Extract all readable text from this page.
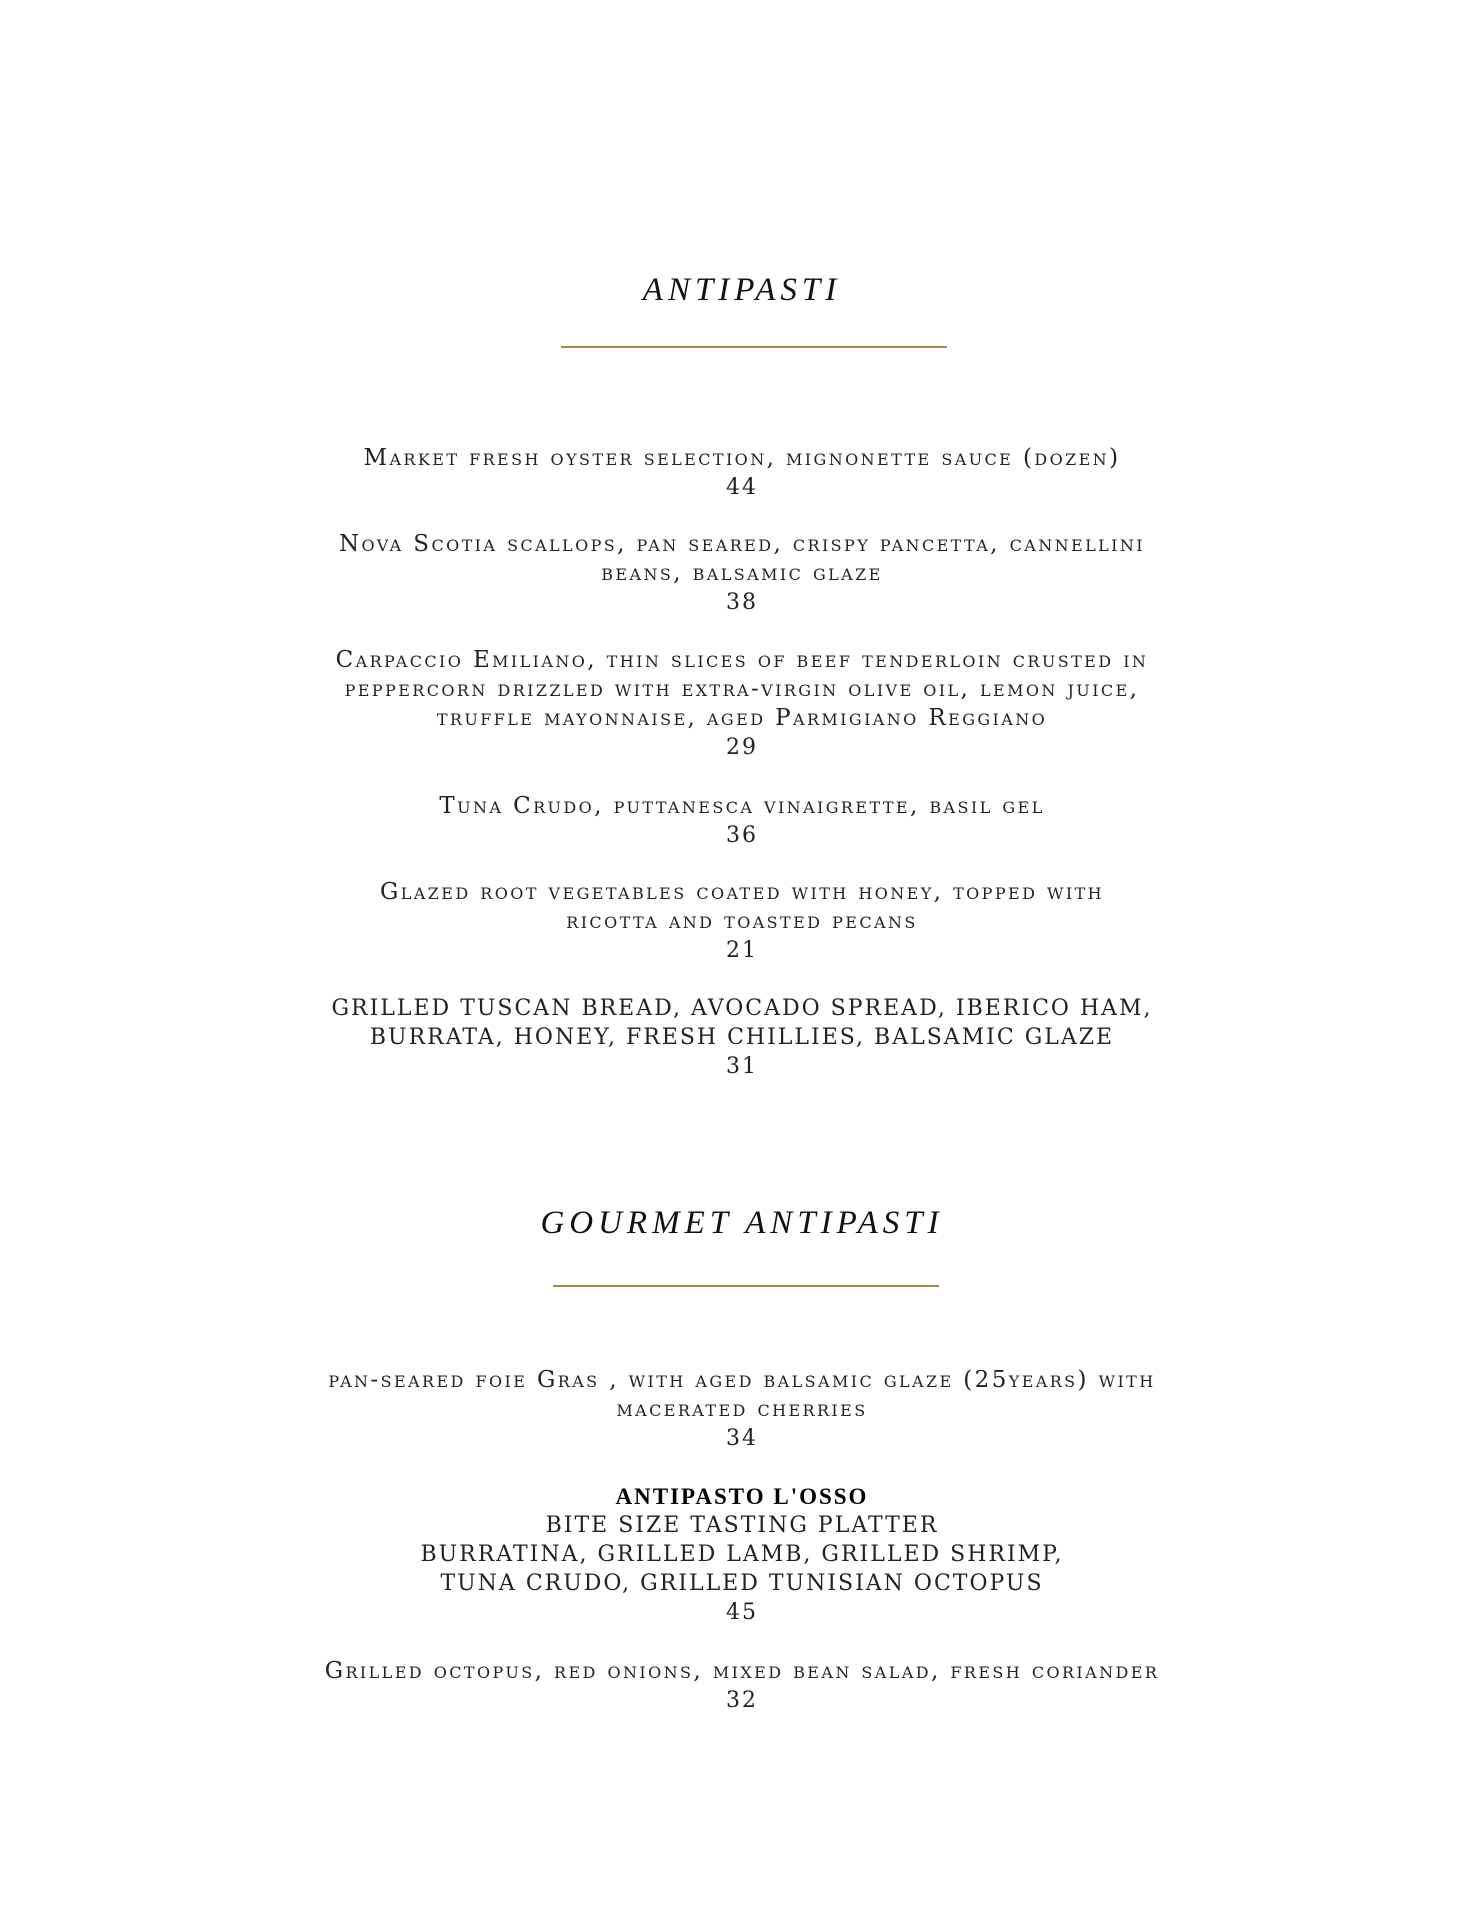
ANTIPASTI
Market fresh oyster selection, mignonette sauce (dozen)
44
Nova Scotia scallops, pan seared, crispy pancetta, cannellini
beans, balsamic glaze
38
Carpaccio Emiliano, thin slices of beef tenderloin crusted in
peppercorn drizzled with extra-virgin olive oil, lemon juice,
truffle mayonnaise, aged Parmigiano Reggiano
29
Tuna Crudo, puttanesca vinaigrette, basil gel
36
Glazed root vegetables coated with honey, topped with
ricotta and toasted pecans
21
GRILLED TUSCAN BREAD, AVOCADO SPREAD, IBERICO HAM,
BURRATA, HONEY, FRESH CHILLIES, BALSAMIC GLAZE
31
GOURMET ANTIPASTI
pan-seared foie Gras , with aged balsamic glaze (25years) with
macerated cherries
34
ANTIPASTO L'OSSO
BITE SIZE TASTING PLATTER
BURRATINA, GRILLED LAMB, GRILLED SHRIMP,
TUNA CRUDO, GRILLED TUNISIAN OCTOPUS
45
Grilled octopus, red onions, mixed bean salad, fresh coriander
32
